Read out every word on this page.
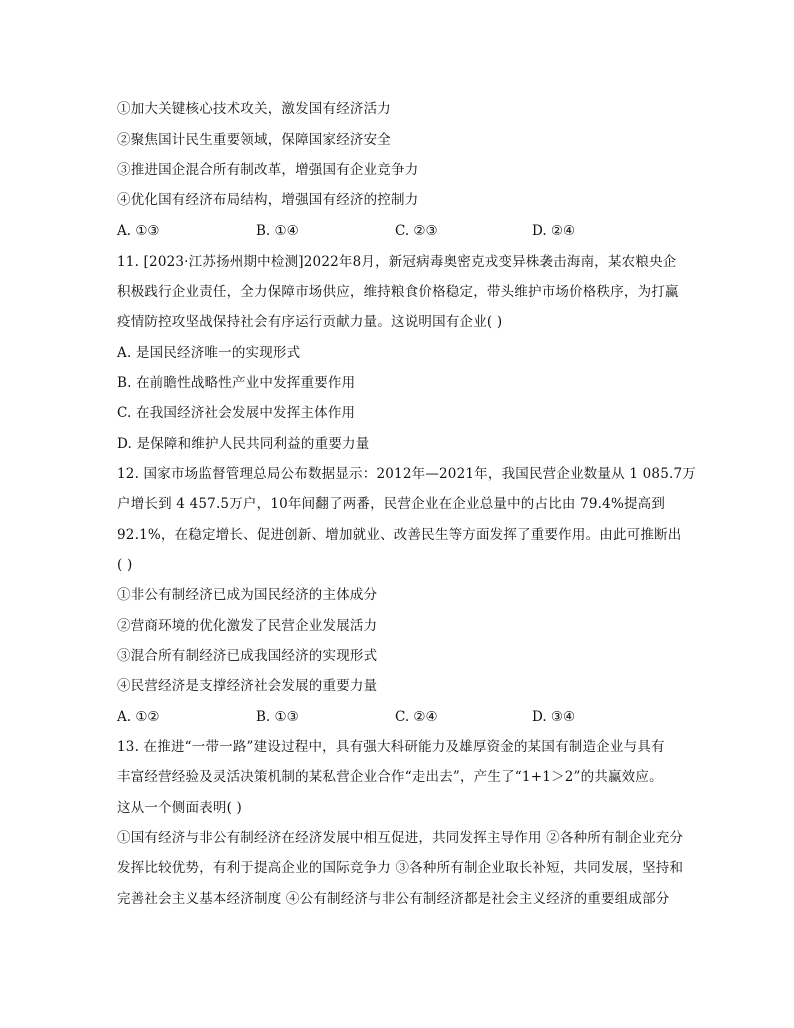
①加大关键核心技术攻关，激发国有经济活力
②聚焦国计民生重要领域，保障国家经济安全
③推进国企混合所有制改革，增强国有企业竞争力
④优化国有经济布局结构，增强国有经济的控制力
A. ①③	B. ①④	C. ②③	D. ②④
11. [2023·江苏扬州期中检测]2022年8月，新冠病毒奥密克戎变异株袭击海南，某农粮央企
积极践行企业责任，全力保障市场供应，维持粮食价格稳定，带头维护市场价格秩序，为打赢
疫情防控攻坚战保持社会有序运行贡献力量。这说明国有企业( )
A. 是国民经济唯一的实现形式
B. 在前瞻性战略性产业中发挥重要作用
C. 在我国经济社会发展中发挥主体作用
D. 是保障和维护人民共同利益的重要力量
12. 国家市场监督管理总局公布数据显示：2012年—2021年，我国民营企业数量从 1 085.7万
户增长到 4 457.5万户，10年间翻了两番，民营企业在企业总量中的占比由 79.4%提高到
92.1%，在稳定增长、促进创新、增加就业、改善民生等方面发挥了重要作用。由此可推断出
( )
①非公有制经济已成为国民经济的主体成分
②营商环境的优化激发了民营企业发展活力
③混合所有制经济已成我国经济的实现形式
④民营经济是支撑经济社会发展的重要力量
A. ①②	B. ①③	C. ②④	D. ③④
13. 在推进“一带一路”建设过程中，具有强大科研能力及雄厚资金的某国有制造企业与具有
丰富经营经验及灵活决策机制的某私营企业合作“走出去”，产生了“1+1＞2”的共赢效应。
这从一个侧面表明( )
①国有经济与非公有制经济在经济发展中相互促进，共同发挥主导作用 ②各种所有制企业充分
发挥比较优势，有利于提高企业的国际竞争力 ③各种所有制企业取长补短，共同发展，坚持和
完善社会主义基本经济制度 ④公有制经济与非公有制经济都是社会主义经济的重要组成部分
